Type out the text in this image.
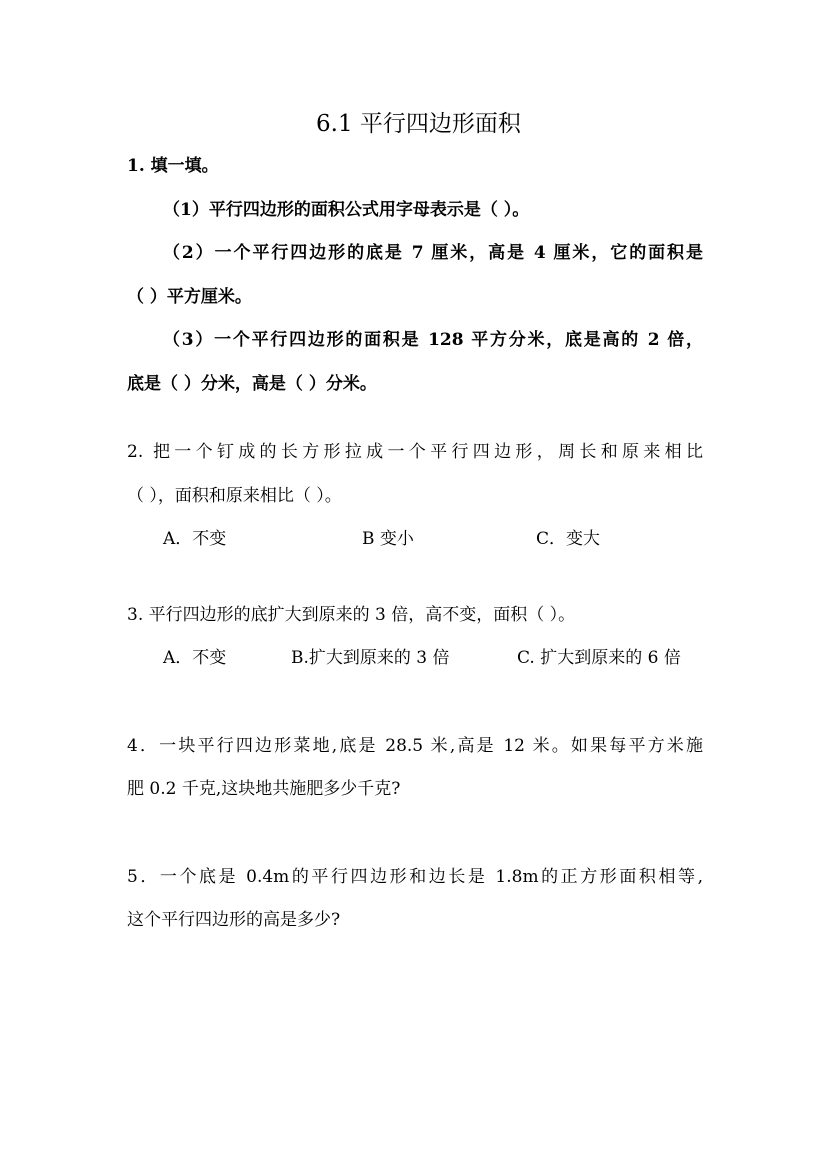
6.1 平行四边形面积
1. 填一填。
（1）平行四边形的面积公式用字母表示是（ ）。
（2）一个平行四边形的底是 7 厘米，高是 4 厘米，它的面积是
（ ）平方厘米。
（3）一个平行四边形的面积是 128 平方分米，底是高的 2 倍，
底是（ ）分米，高是（ ）分米。
2. 把一个钉成的长方形拉成一个平行四边形，周长和原来相比
（ ），面积和原来相比（ ）。
A．不变	B 变小	C．变大
3. 平行四边形的底扩大到原来的 3 倍，高不变，面积（ ）。
A．不变	B.扩大到原来的 3 倍	C. 扩大到原来的 6 倍
4．一块平行四边形菜地,底是 28.5 米,高是 12 米。如果每平方米施
肥 0.2 千克,这块地共施肥多少千克?
5．一个底是 0.4m的平行四边形和边长是 1.8m的正方形面积相等,
这个平行四边形的高是多少?
